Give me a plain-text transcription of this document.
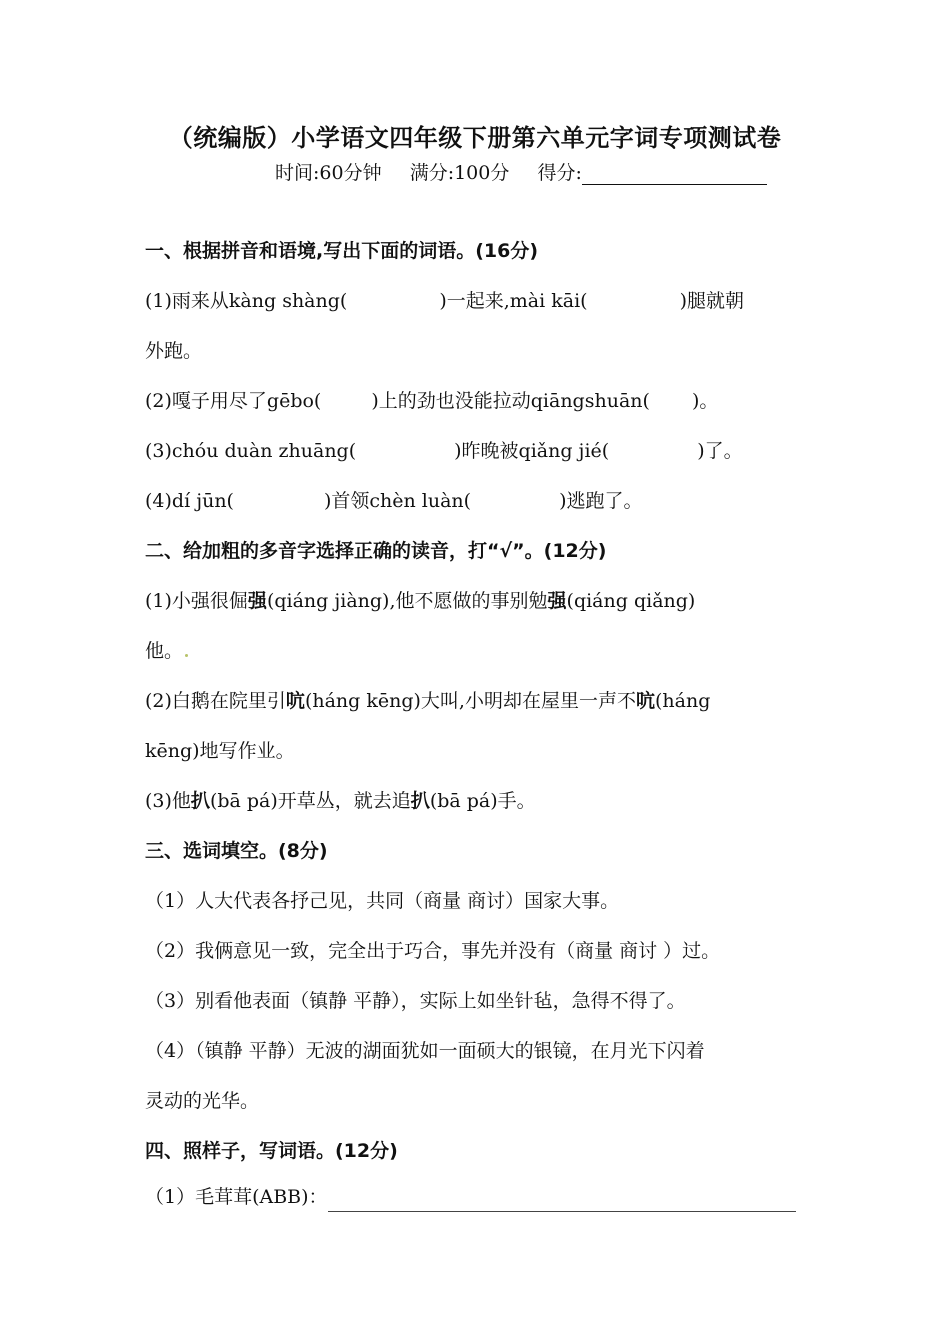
（统编版）小学语文四年级下册第六单元字词专项测试卷
时间:60分钟 满分:100分 得分:
一、根据拼音和语境,写出下面的词语。(16分)
(1)雨来从kàng shàng(	)一起来,mài kāi(	)腿就朝
外跑。
(2)嘎子用尽了gēbo(	)上的劲也没能拉动qiāngshuān( )。
(3)chóu duàn zhuāng(	)昨晚被qiǎng jié(	)了。
(4)dí jūn(	)首领chèn luàn(	)逃跑了。
二、给加粗的多音字选择正确的读音，打“√”。(12分)
(1)小强很倔强(qiáng jiàng),他不愿做的事别勉强(qiáng qiǎng)
他。
(2)白鹅在院里引吭(háng kēng)大叫,小明却在屋里一声不吭(háng
kēng)地写作业。
(3)他扒(bā pá)开草丛，就去追扒(bā pá)手。
三、选词填空。(8分)
（1）人大代表各抒己见，共同（商量 商讨）国家大事。
（2）我俩意见一致，完全出于巧合，事先并没有（商量 商讨 ）过。
（3）别看他表面（镇静 平静），实际上如坐针毡，急得不得了。
（4）（镇静 平静）无波的湖面犹如一面硕大的银镜，在月光下闪着
灵动的光华。
四、照样子，写词语。(12分)
（1）毛茸茸(ABB)：
